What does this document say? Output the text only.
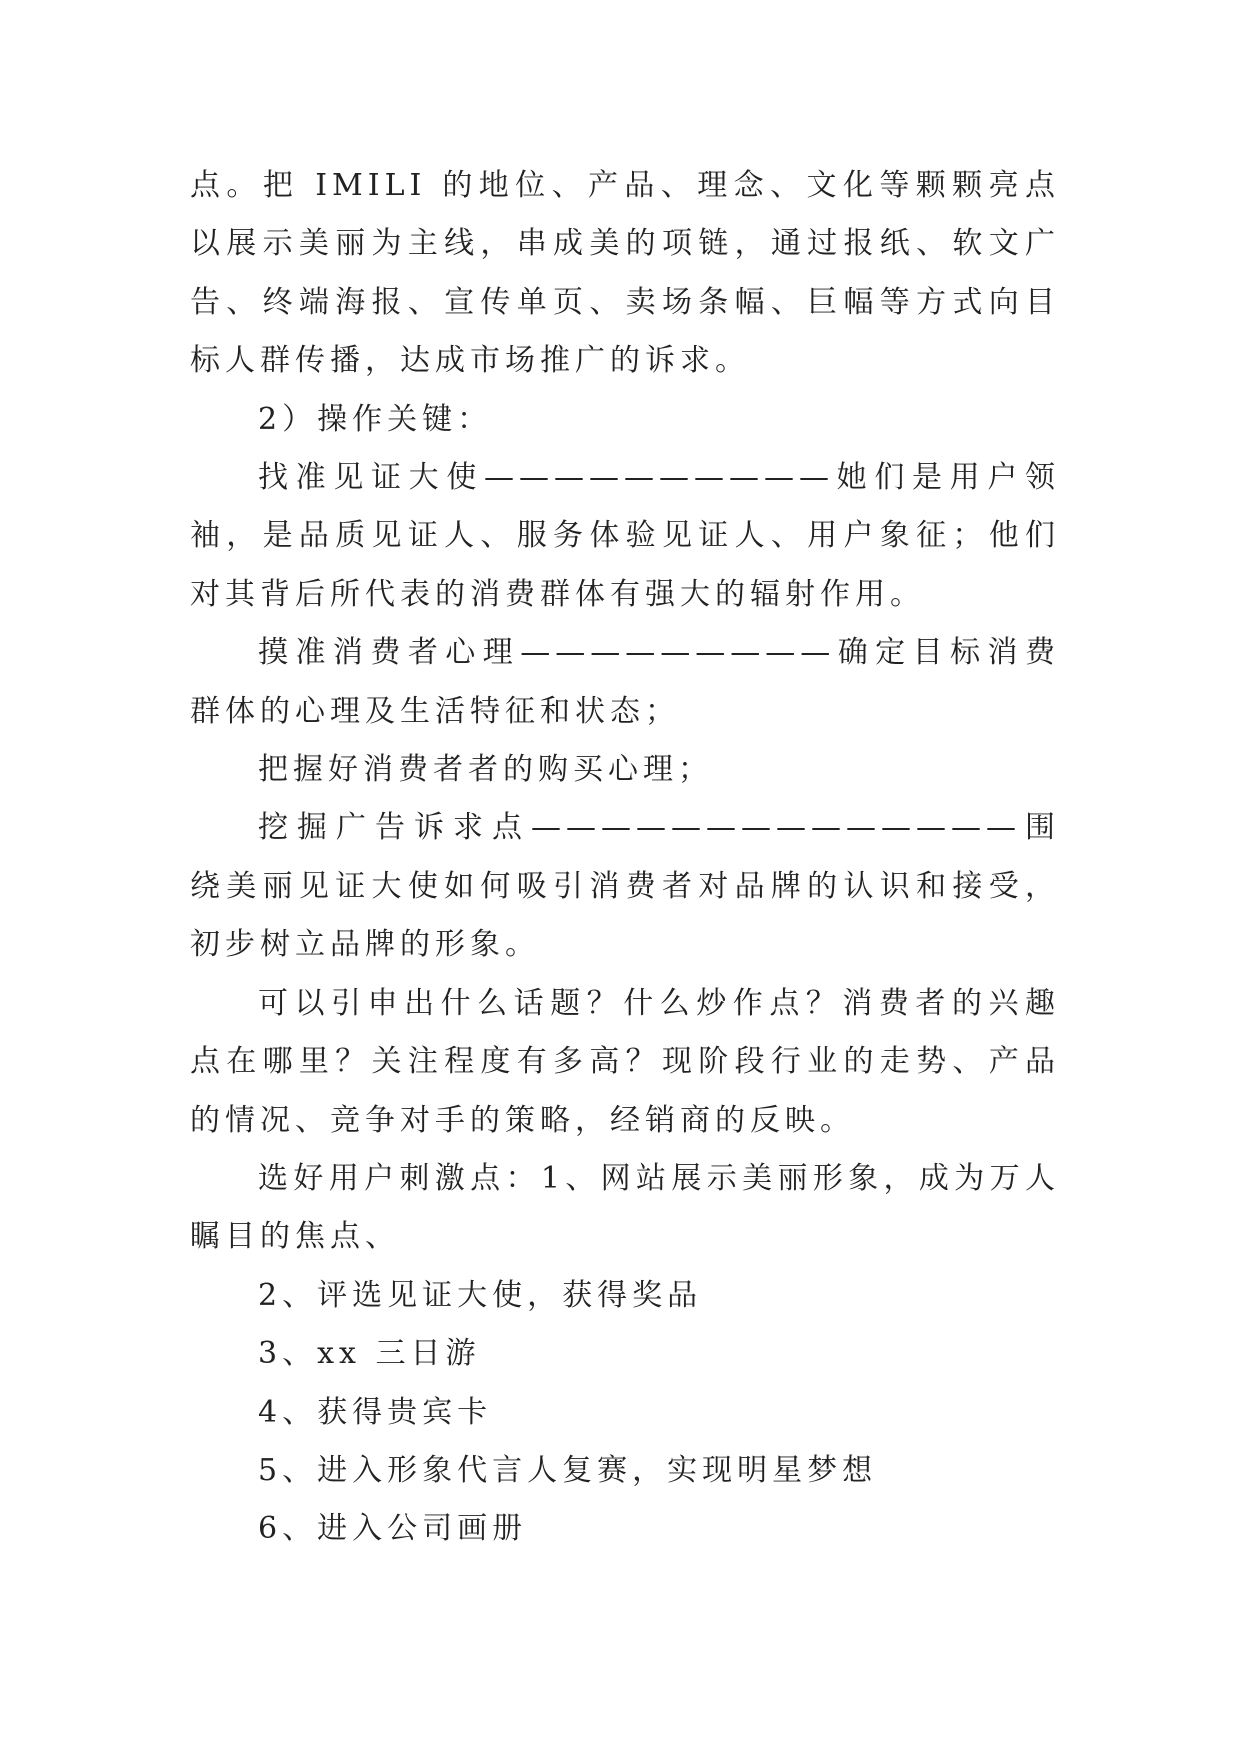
点。把 IMILI 的地位、产品、理念、文化等颗颗亮点以展示美丽为主线，串成美的项链，通过报纸、软文广告、终端海报、宣传单页、卖场条幅、巨幅等方式向目标人群传播，达成市场推广的诉求。

2）操作关键：

找准见证大使——————————她们是用户领袖，是品质见证人、服务体验见证人、用户象征；他们对其背后所代表的消费群体有强大的辐射作用。

摸准消费者心理—————————确定目标消费群体的心理及生活特征和状态；

把握好消费者者的购买心理；

挖掘广告诉求点——————————————围绕美丽见证大使如何吸引消费者对品牌的认识和接受，初步树立品牌的形象。

可以引申出什么话题？什么炒作点？消费者的兴趣点在哪里？关注程度有多高？现阶段行业的走势、产品的情况、竞争对手的策略，经销商的反映。

选好用户刺激点：1、网站展示美丽形象，成为万人瞩目的焦点、

2、评选见证大使，获得奖品

3、xx 三日游

4、获得贵宾卡

5、进入形象代言人复赛，实现明星梦想

6、进入公司画册
